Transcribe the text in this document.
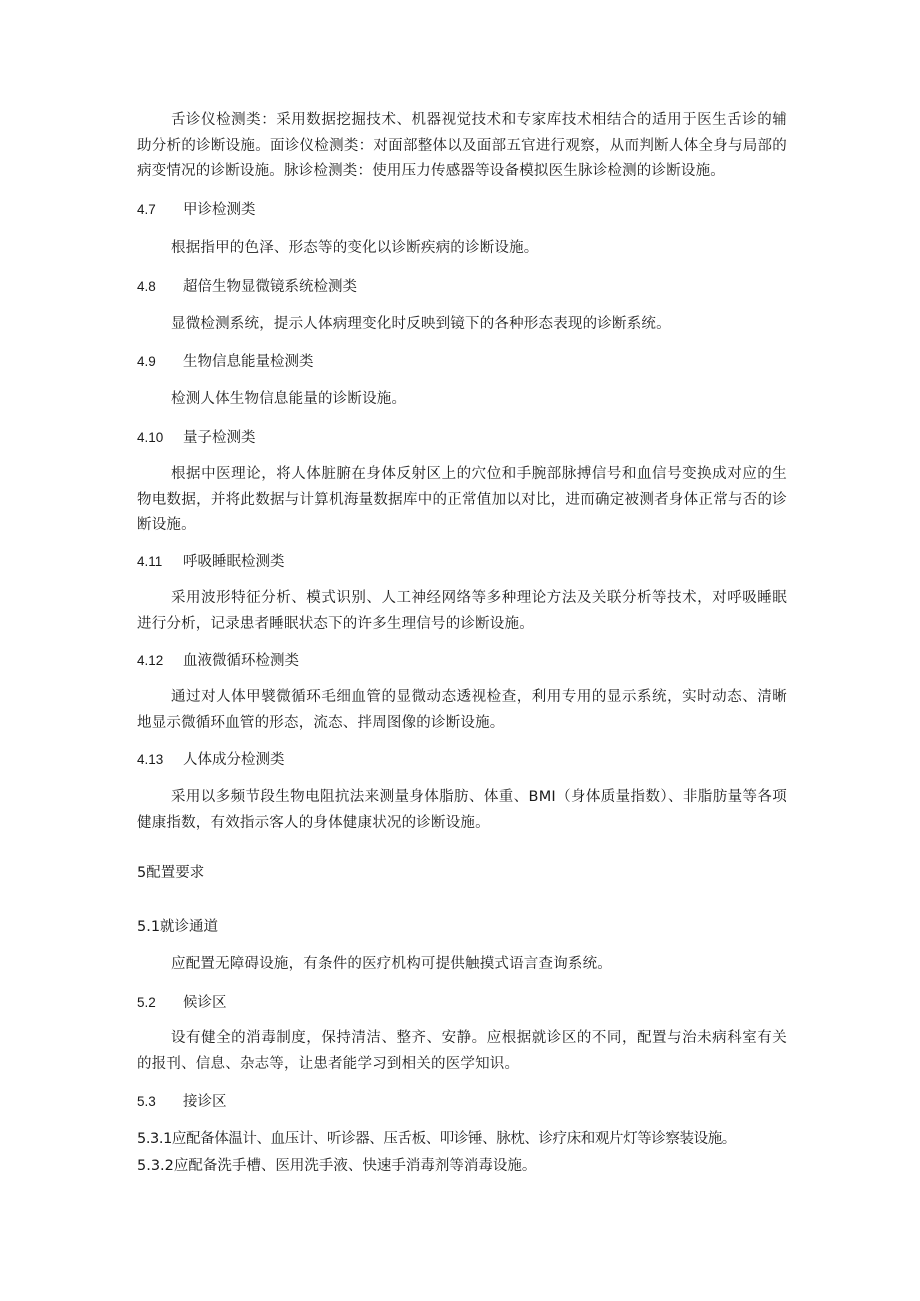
舌诊仪检测类：采用数据挖掘技术、机器视觉技术和专家库技术相结合的适用于医生舌诊的辅助分析的诊断设施。面诊仪检测类：对面部整体以及面部五官进行观察，从而判断人体全身与局部的病变情况的诊断设施。脉诊检测类：使用压力传感器等设备模拟医生脉诊检测的诊断设施。

4.7 甲诊检测类

根据指甲的色泽、形态等的变化以诊断疾病的诊断设施。

4.8 超倍生物显微镜系统检测类

显微检测系统，提示人体病理变化时反映到镜下的各种形态表现的诊断系统。

4.9 生物信息能量检测类

检测人体生物信息能量的诊断设施。

4.10 量子检测类

根据中医理论，将人体脏腑在身体反射区上的穴位和手腕部脉搏信号和血信号变换成对应的生物电数据，并将此数据与计算机海量数据库中的正常值加以对比，进而确定被测者身体正常与否的诊断设施。

4.11 呼吸睡眠检测类

采用波形特征分析、模式识别、人工神经网络等多种理论方法及关联分析等技术，对呼吸睡眠进行分析，记录患者睡眠状态下的许多生理信号的诊断设施。

4.12 血液微循环检测类

通过对人体甲襞微循环毛细血管的显微动态透视检查，利用专用的显示系统，实时动态、清晰地显示微循环血管的形态，流态、拌周图像的诊断设施。

4.13 人体成分检测类

采用以多频节段生物电阻抗法来测量身体脂肪、体重、BMI（身体质量指数）、非脂肪量等各项健康指数，有效指示客人的身体健康状况的诊断设施。

5配置要求
5.1就诊通道

应配置无障碍设施，有条件的医疗机构可提供触摸式语言查询系统。

5.2 候诊区

设有健全的消毒制度，保持清洁、整齐、安静。应根据就诊区的不同，配置与治未病科室有关的报刊、信息、杂志等，让患者能学习到相关的医学知识。

5.3 接诊区
5.3.1应配备体温计、血压计、听诊器、压舌板、叩诊锤、脉枕、诊疗床和观片灯等诊察装设施。
5.3.2应配备洗手槽、医用洗手液、快速手消毒剂等消毒设施。
